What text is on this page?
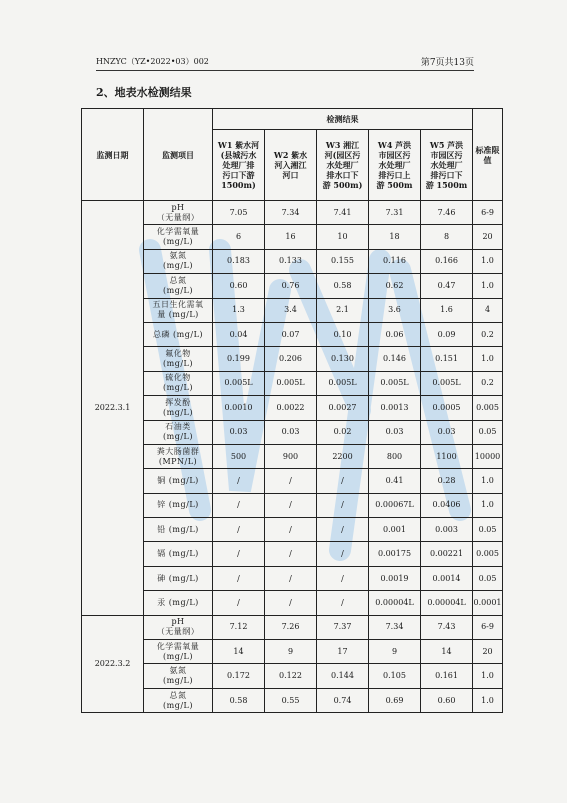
HNZYC（YZ•2022•03）002	第7页共13页
2、地表水检测结果
监测日期	监测项目	检测结果					标准限
值
		W1 紫水河
(县城污水
处理厂排
污口下游
1500m)	W2 紫水
河入湘江
河口	W3 湘江
河(园区污
水处理厂
排水口下
游 500m)	W4 芦洪
市园区污
水处理厂
排污口上
游 500m	W5 芦洪
市园区污
水处理厂
排污口下
游 1500m	
2022.3.1	pH
（无量纲）	7.05	7.34	7.41	7.31	7.46	6-9
	化学需氧量
(mg/L)	6	16	10	18	8	20
	氨氮
(mg/L)	0.183	0.133	0.155	0.116	0.166	1.0
	总氮
(mg/L)	0.60	0.76	0.58	0.62	0.47	1.0
	五日生化需氧
量 (mg/L)	1.3	3.4	2.1	3.6	1.6	4
	总磷 (mg/L)	0.04	0.07	0.10	0.06	0.09	0.2
	氟化物
(mg/L)	0.199	0.206	0.130	0.146	0.151	1.0
	硫化物
(mg/L)	0.005L	0.005L	0.005L	0.005L	0.005L	0.2
	挥发酚
(mg/L)	0.0010	0.0022	0.0027	0.0013	0.0005	0.005
	石油类
(mg/L)	0.03	0.03	0.02	0.03	0.03	0.05
	粪大肠菌群
(MPN/L)	500	900	2200	800	1100	10000
	铜 (mg/L)	/	/	/	0.41	0.28	1.0
	锌 (mg/L)	/	/	/	0.00067L	0.0406	1.0
	铅 (mg/L)	/	/	/	0.001	0.003	0.05
	镉 (mg/L)	/	/	/	0.00175	0.00221	0.005
	砷 (mg/L)	/	/	/	0.0019	0.0014	0.05
	汞 (mg/L)	/	/	/	0.00004L	0.00004L	0.0001
2022.3.2	pH
（无量纲）	7.12	7.26	7.37	7.34	7.43	6-9
	化学需氧量
(mg/L)	14	9	17	9	14	20
	氨氮
(mg/L)	0.172	0.122	0.144	0.105	0.161	1.0
	总氮
(mg/L)	0.58	0.55	0.74	0.69	0.60	1.0
